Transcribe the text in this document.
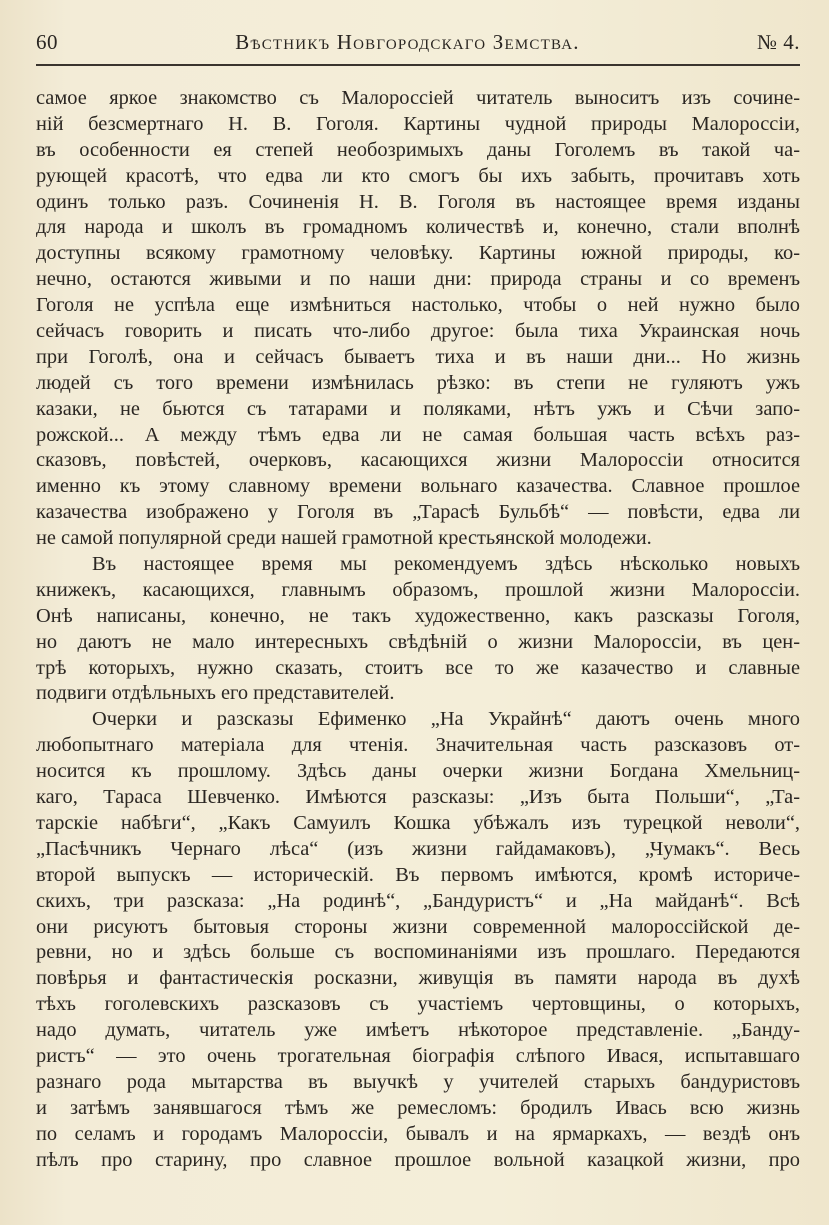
60	Вѣстникъ Новгородскаго Земства.	№ 4.
самое яркое знакомство съ Малороссiей читатель выноситъ изъ сочине-
нiй безсмертнаго Н. В. Гоголя. Картины чудной природы Малороссiи,
въ особенности ея степей необозримыхъ даны Гоголемъ въ такой ча-
рующей красотѣ, что едва ли кто смогъ бы ихъ забыть, прочитавъ хоть
одинъ только разъ. Сочиненiя Н. В. Гоголя въ настоящее время изданы
для народа и школъ въ громадномъ количествѣ и, конечно, стали вполнѣ
доступны всякому грамотному человѣку. Картины южной природы, ко-
нечно, остаются живыми и по наши дни: природа страны и со временъ
Гоголя не успѣла еще измѣниться настолько, чтобы о ней нужно было
сейчасъ говорить и писать что-либо другое: была тиха Украинская ночь
при Гоголѣ, она и сейчасъ бываетъ тиха и въ наши дни... Но жизнь
людей съ того времени измѣнилась рѣзко: въ степи не гуляютъ ужъ
казаки, не бьются съ татарами и поляками, нѣтъ ужъ и Сѣчи запо-
рожской... А между тѣмъ едва ли не самая большая часть всѣхъ раз-
сказовъ, повѣстей, очерковъ, касающихся жизни Малороссiи относится
именно къ этому славному времени вольнаго казачества. Славное прошлое
казачества изображено у Гоголя въ „Тарасѣ Бульбѣ“ — повѣсти, едва ли
не самой популярной среди нашей грамотной крестьянской молодежи.
Въ настоящее время мы рекомендуемъ здѣсь нѣсколько новыхъ
книжекъ, касающихся, главнымъ образомъ, прошлой жизни Малороссiи.
Онѣ написаны, конечно, не такъ художественно, какъ разсказы Гоголя,
но даютъ не мало интересныхъ свѣдѣнiй о жизни Малороссiи, въ цен-
трѣ которыхъ, нужно сказать, стоитъ все то же казачество и славные
подвиги отдѣльныхъ его представителей.
Очерки и разсказы Ефименко „На Украйнѣ“ даютъ очень много
любопытнаго матерiала для чтенiя. Значительная часть разсказовъ от-
носится къ прошлому. Здѣсь даны очерки жизни Богдана Хмельниц-
каго, Тараса Шевченко. Имѣются разсказы: „Изъ быта Польши“, „Та-
тарскiе набѣги“, „Какъ Самуилъ Кошка убѣжалъ изъ турецкой неволи“,
„Пасѣчникъ Чернаго лѣса“ (изъ жизни гайдамаковъ), „Чумакъ“. Весь
второй выпускъ — историческiй. Въ первомъ имѣются, кромѣ историче-
скихъ, три разсказа: „На родинѣ“, „Бандуристъ“ и „На майданѣ“. Всѣ
они рисуютъ бытовыя стороны жизни современной малороссiйской де-
ревни, но и здѣсь больше съ воспоминанiями изъ прошлаго. Передаются
повѣрья и фантастическiя росказни, живущiя въ памяти народа въ духѣ
тѣхъ гоголевскихъ разсказовъ съ участiемъ чертовщины, о которыхъ,
надо думать, читатель уже имѣетъ нѣкоторое представленiе. „Банду-
ристъ“ — это очень трогательная бiографiя слѣпого Ивася, испытавшаго
разнаго рода мытарства въ выучкѣ у учителей старыхъ бандуристовъ
и затѣмъ занявшагося тѣмъ же ремесломъ: бродилъ Ивась всю жизнь
по селамъ и городамъ Малороссiи, бывалъ и на ярмаркахъ, — вездѣ онъ
пѣлъ про старину, про славное прошлое вольной казацкой жизни, про
